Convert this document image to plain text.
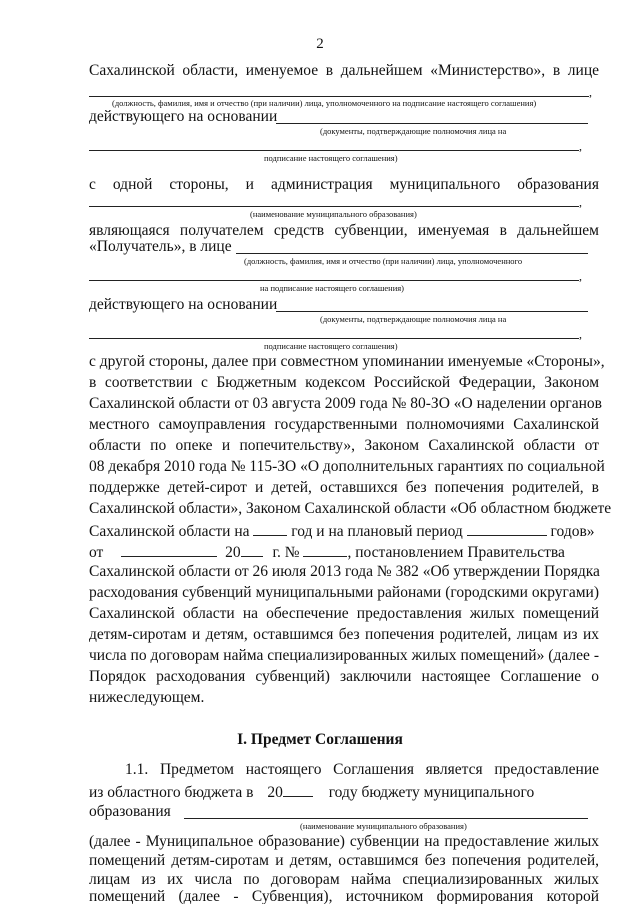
2
Сахалинской области, именуемое в дальнейшем «Министерство», в лице
,
(должность, фамилия, имя и отчество (при наличии) лица, уполномоченного на подписание настоящего соглашения)
действующего на основании
(документы, подтверждающие полномочия лица на
,
подписание настоящего соглашения)
с одной стороны, и администрация муниципального образования
,
(наименование муниципального образования)
являющаяся получателем средств субвенции, именуемая в дальнейшем
«Получатель», в лице
(должность, фамилия, имя и отчество (при наличии) лица, уполномоченного
,
на подписание настоящего соглашения)
действующего на основании
(документы, подтверждающие полномочия лица на
,
подписание настоящего соглашения)
с другой стороны, далее при совместном упоминании именуемые «Стороны»,
в соответствии с Бюджетным кодексом Российской Федерации, Законом
Сахалинской области от 03 августа 2009 года № 80-ЗО «О наделении органов
местного самоуправления государственными полномочиями Сахалинской
области по опеке и попечительству», Законом Сахалинской области от
08 декабря 2010 года № 115-ЗО «О дополнительных гарантиях по социальной
поддержке детей-сирот и детей, оставшихся без попечения родителей, в
Сахалинской области», Законом Сахалинской области «Об областном бюджете
Сахалинской области на	год и на плановый период	годов»
от	20 г. №	, постановлением Правительства
Сахалинской области от 26 июля 2013 года № 382 «Об утверждении Порядка
расходования субвенций муниципальными районами (городскими округами)
Сахалинской области на обеспечение предоставления жилых помещений
детям-сиротам и детям, оставшимся без попечения родителей, лицам из их
числа по договорам найма специализированных жилых помещений» (далее -
Порядок расходования субвенций) заключили настоящее Соглашение о
нижеследующем.
I. Предмет Соглашения
1.1. Предметом настоящего Соглашения является предоставление
из областного бюджета в 20	году бюджету муниципального
образования
(наименование муниципального образования)
(далее - Муниципальное образование) субвенции на предоставление жилых
помещений детям-сиротам и детям, оставшимся без попечения родителей,
лицам из их числа по договорам найма специализированных жилых
помещений (далее - Субвенция), источником формирования которой
